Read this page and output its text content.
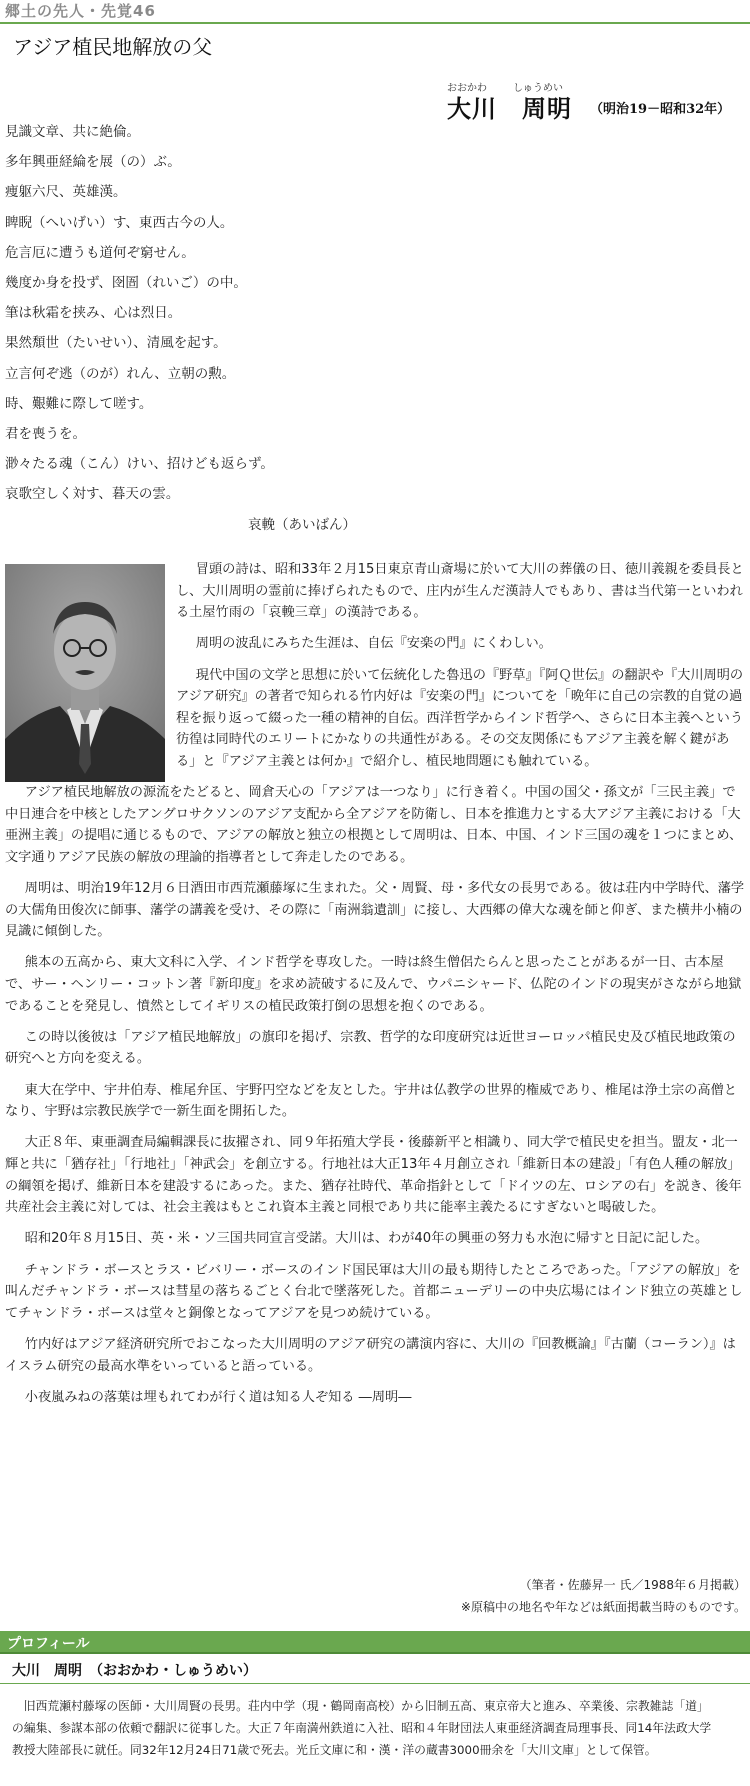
郷土の先人・先覚46
アジア植民地解放の父
おおかわ	しゅうめい
大川　周明 （明治19－昭和32年）
見識文章、共に絶倫。
多年興亜経綸を展（の）ぶ。
痩躯六尺、英雄漢。
睥睨（へいげい）す、東西古今の人。
危言厄に遭うも道何ぞ窮せん。
幾度か身を投ず、囹圄（れいご）の中。
筆は秋霜を挟み、心は烈日。
果然頽世（たいせい）、清風を起す。
立言何ぞ逃（のが）れん、立朝の勲。
時、艱難に際して嗟す。
君を喪うを。
渺々たる魂（こん）けい、招けども返らず。
哀歌空しく対す、暮天の雲。
哀輓（あいばん）

冒頭の詩は、昭和33年２月15日東京青山斎場に於いて大川の葬儀の日、徳川義親を委員長とし、大川周明の霊前に捧げられたもので、庄内が生んだ漢詩人でもあり、書は当代第一といわれる土屋竹雨の「哀輓三章」の漢詩である。

周明の波乱にみちた生涯は、自伝『安楽の門』にくわしい。

現代中国の文学と思想に於いて伝統化した魯迅の『野草』『阿Ｑ世伝』の翻訳や『大川周明のアジア研究』の著者で知られる竹内好は『安楽の門』についてを「晩年に自己の宗教的自覚の過程を振り返って綴った一種の精神的自伝。西洋哲学からインド哲学へ、さらに日本主義へという彷徨は同時代のエリートにかなりの共通性がある。その交友関係にもアジア主義を解く鍵がある」と『アジア主義とは何か』で紹介し、植民地問題にも触れている。

アジア植民地解放の源流をたどると、岡倉天心の「アジアは一つなり」に行き着く。中国の国父・孫文が「三民主義」で中日連合を中核としたアングロサクソンのアジア支配から全アジアを防衛し、日本を推進力とする大アジア主義における「大亜洲主義」の提唱に通じるもので、アジアの解放と独立の根拠として周明は、日本、中国、インド三国の魂を１つにまとめ、文字通りアジア民族の解放の理論的指導者として奔走したのである。

周明は、明治19年12月６日酒田市西荒瀬藤塚に生まれた。父・周賢、母・多代女の長男である。彼は荘内中学時代、藩学の大儒角田俊次に師事、藩学の講義を受け、その際に「南洲翁遺訓」に接し、大西郷の偉大な魂を師と仰ぎ、また横井小楠の見識に傾倒した。

熊本の五高から、東大文科に入学、インド哲学を専攻した。一時は終生僧侶たらんと思ったことがあるが一日、古本屋で、サー・ヘンリー・コットン著『新印度』を求め読破するに及んで、ウパニシャード、仏陀のインドの現実がさながら地獄であることを発見し、憤然としてイギリスの植民政策打倒の思想を抱くのである。

この時以後彼は「アジア植民地解放」の旗印を掲げ、宗教、哲学的な印度研究は近世ヨーロッパ植民史及び植民地政策の研究へと方向を変える。

東大在学中、宇井伯寿、椎尾弁匡、宇野円空などを友とした。宇井は仏教学の世界的権威であり、椎尾は浄土宗の高僧となり、宇野は宗教民族学で一新生面を開拓した。

大正８年、東亜調査局編輯課長に抜擢され、同９年拓殖大学長・後藤新平と相識り、同大学で植民史を担当。盟友・北一輝と共に「猶存社」「行地社」「神武会」を創立する。行地社は大正13年４月創立され「維新日本の建設」「有色人種の解放」の綱領を掲げ、維新日本を建設するにあった。また、猶存社時代、革命指針として「ドイツの左、ロシアの右」を説き、後年共産社会主義に対しては、社会主義はもとこれ資本主義と同根であり共に能率主義たるにすぎないと喝破した。

昭和20年８月15日、英・米・ソ三国共同宣言受諾。大川は、わが40年の興亜の努力も水泡に帰すと日記に記した。

チャンドラ・ボースとラス・ビバリー・ボースのインド国民軍は大川の最も期待したところであった。「アジアの解放」を叫んだチャンドラ・ボースは彗星の落ちるごとく台北で墜落死した。首都ニューデリーの中央広場にはインド独立の英雄としてチャンドラ・ボースは堂々と銅像となってアジアを見つめ続けている。

竹内好はアジア経済研究所でおこなった大川周明のアジア研究の講演内容に、大川の『回教概論』『古蘭（コーラン）』はイスラム研究の最高水準をいっていると語っている。

小夜嵐みねの落葉は埋もれてわが行く道は知る人ぞ知る ―周明―

（筆者・佐藤昇一 氏／1988年６月掲載）
※原稿中の地名や年などは紙面掲載当時のものです。
プロフィール
大川　周明　（おおかわ・しゅうめい）
旧西荒瀬村藤塚の医師・大川周賢の長男。荘内中学（現・鶴岡南高校）から旧制五高、東京帝大と進み、卒業後、宗教雑誌「道」の編集、参謀本部の依頼で翻訳に従事した。大正７年南満州鉄道に入社、昭和４年財団法人東亜経済調査局理事長、同14年法政大学教授大陸部長に就任。同32年12月24日71歳で死去。光丘文庫に和・漢・洋の蔵書3000冊余を「大川文庫」として保管。
